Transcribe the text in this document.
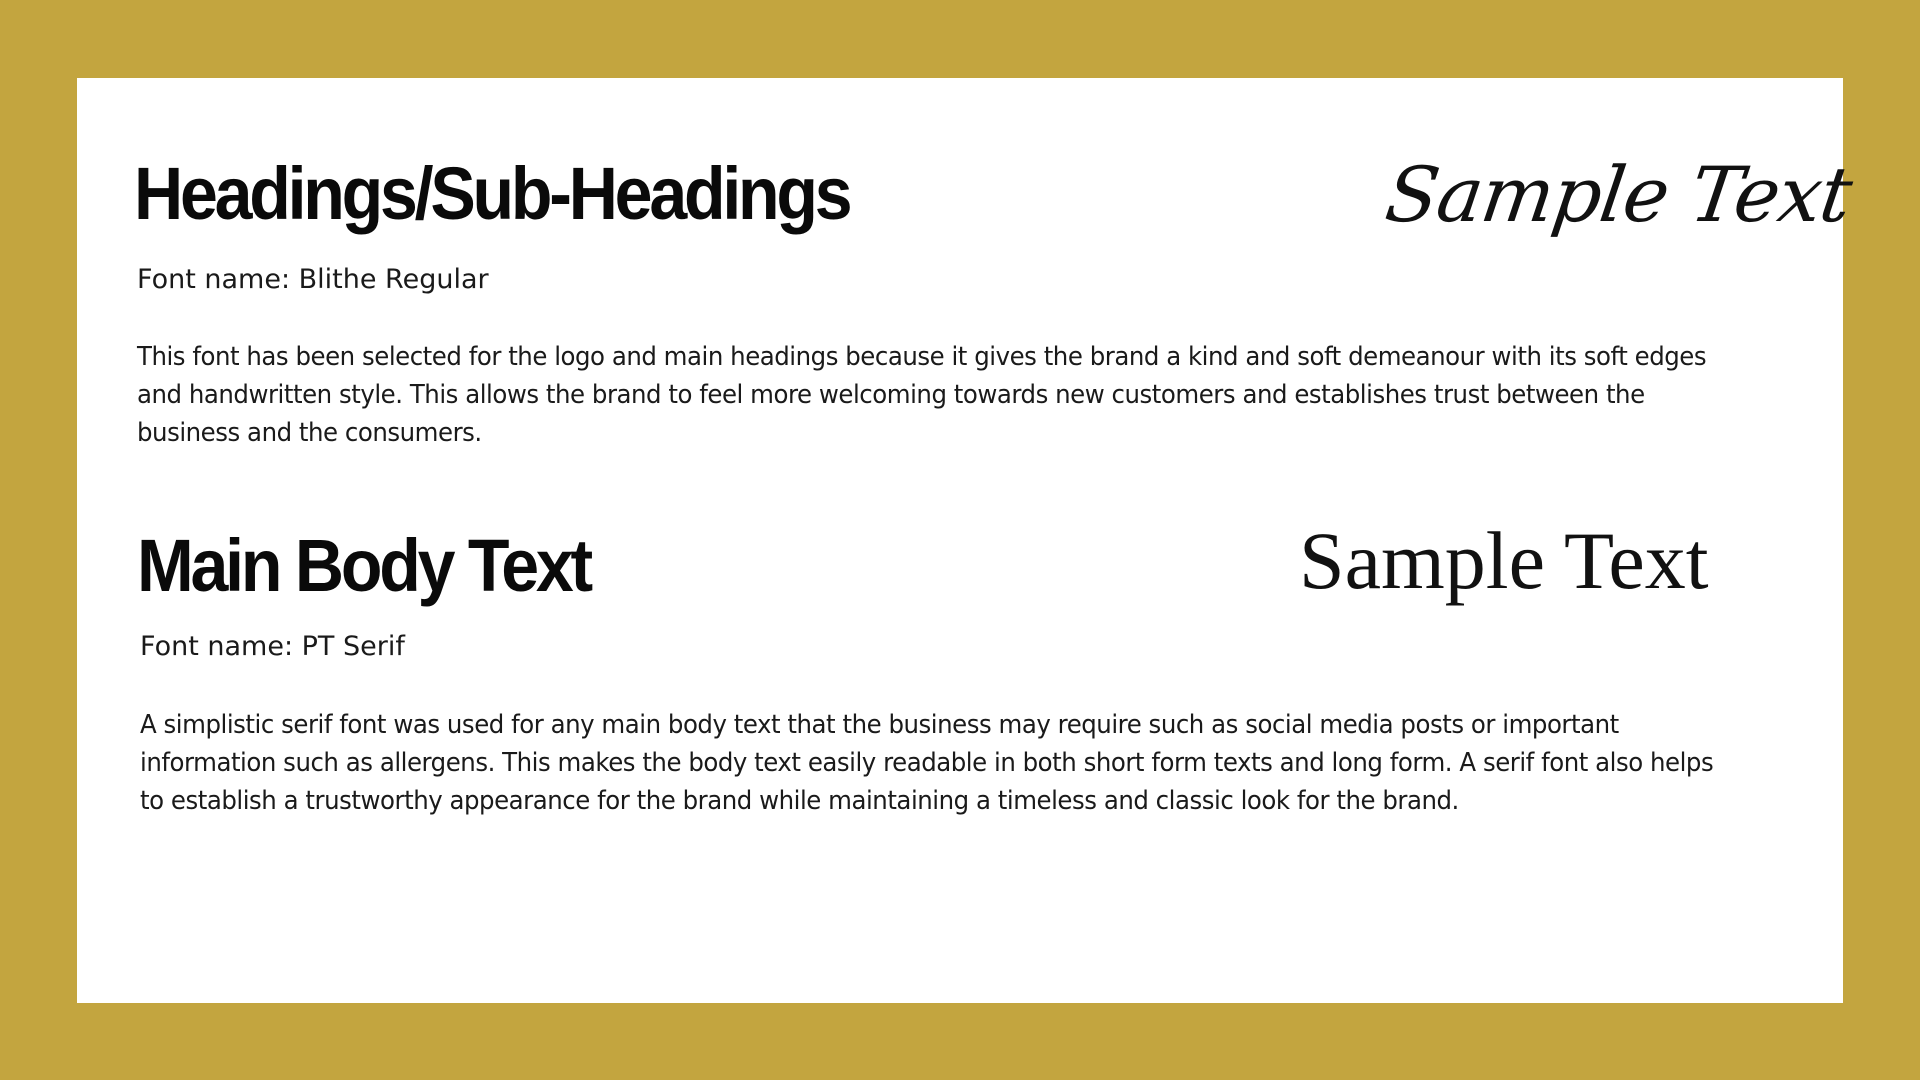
Headings/Sub-Headings	Sample Text

Font name: Blithe Regular

This font has been selected for the logo and main headings because it gives the brand a kind and soft demeanour with its soft edges and handwritten style. This allows the brand to feel more welcoming towards new customers and establishes trust between the business and the consumers.

Main Body Text	Sample Text

Font name: PT Serif

A simplistic serif font was used for any main body text that the business may require such as social media posts or important information such as allergens. This makes the body text easily readable in both short form texts and long form. A serif font also helps to establish a trustworthy appearance for the brand while maintaining a timeless and classic look for the brand.
